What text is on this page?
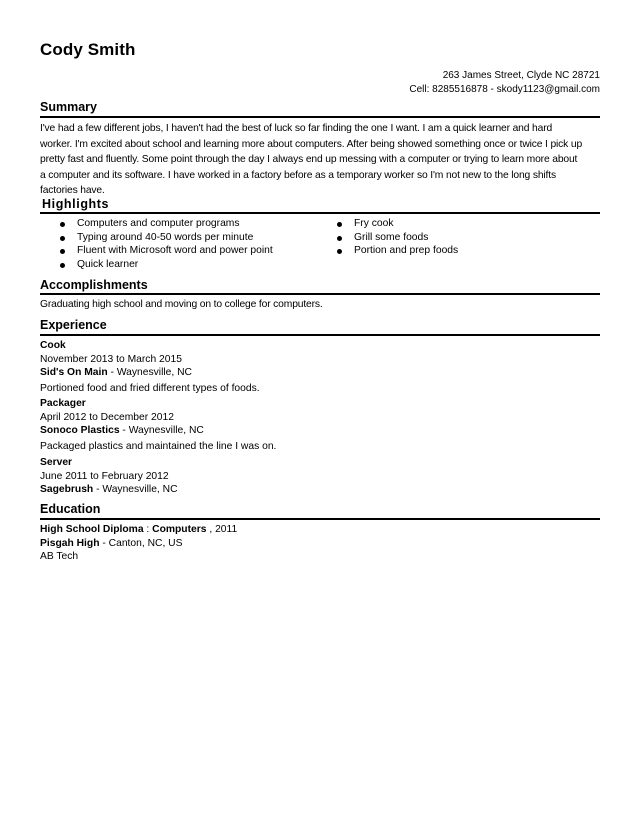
Cody Smith
263 James Street, Clyde NC 28721
Cell: 8285516878 - skody1123@gmail.com
Summary
I've had a few different jobs, I haven't had the best of luck so far finding the one I want. I am a quick learner and hard worker. I'm excited about school and learning more about computers. After being showed something once or twice I pick up pretty fast and fluently. Some point through the day I always end up messing with a computer or trying to learn more about a computer and its software. I have worked in a factory before as a temporary worker so I'm not new to the long shifts factories have.
Highlights
Computers and computer programs
Typing around 40-50 words per minute
Fluent with Microsoft word and power point
Quick learner
Fry cook
Grill some foods
Portion and prep foods
Accomplishments
Graduating high school and moving on to college for computers.
Experience
Cook
November 2013 to March 2015
Sid's On Main - Waynesville, NC
Portioned food and fried different types of foods.
Packager
April 2012 to December 2012
Sonoco Plastics - Waynesville, NC
Packaged plastics and maintained the line I was on.
Server
June 2011 to February 2012
Sagebrush - Waynesville, NC
Education
High School Diploma : Computers , 2011
Pisgah High - Canton, NC, US
AB Tech
